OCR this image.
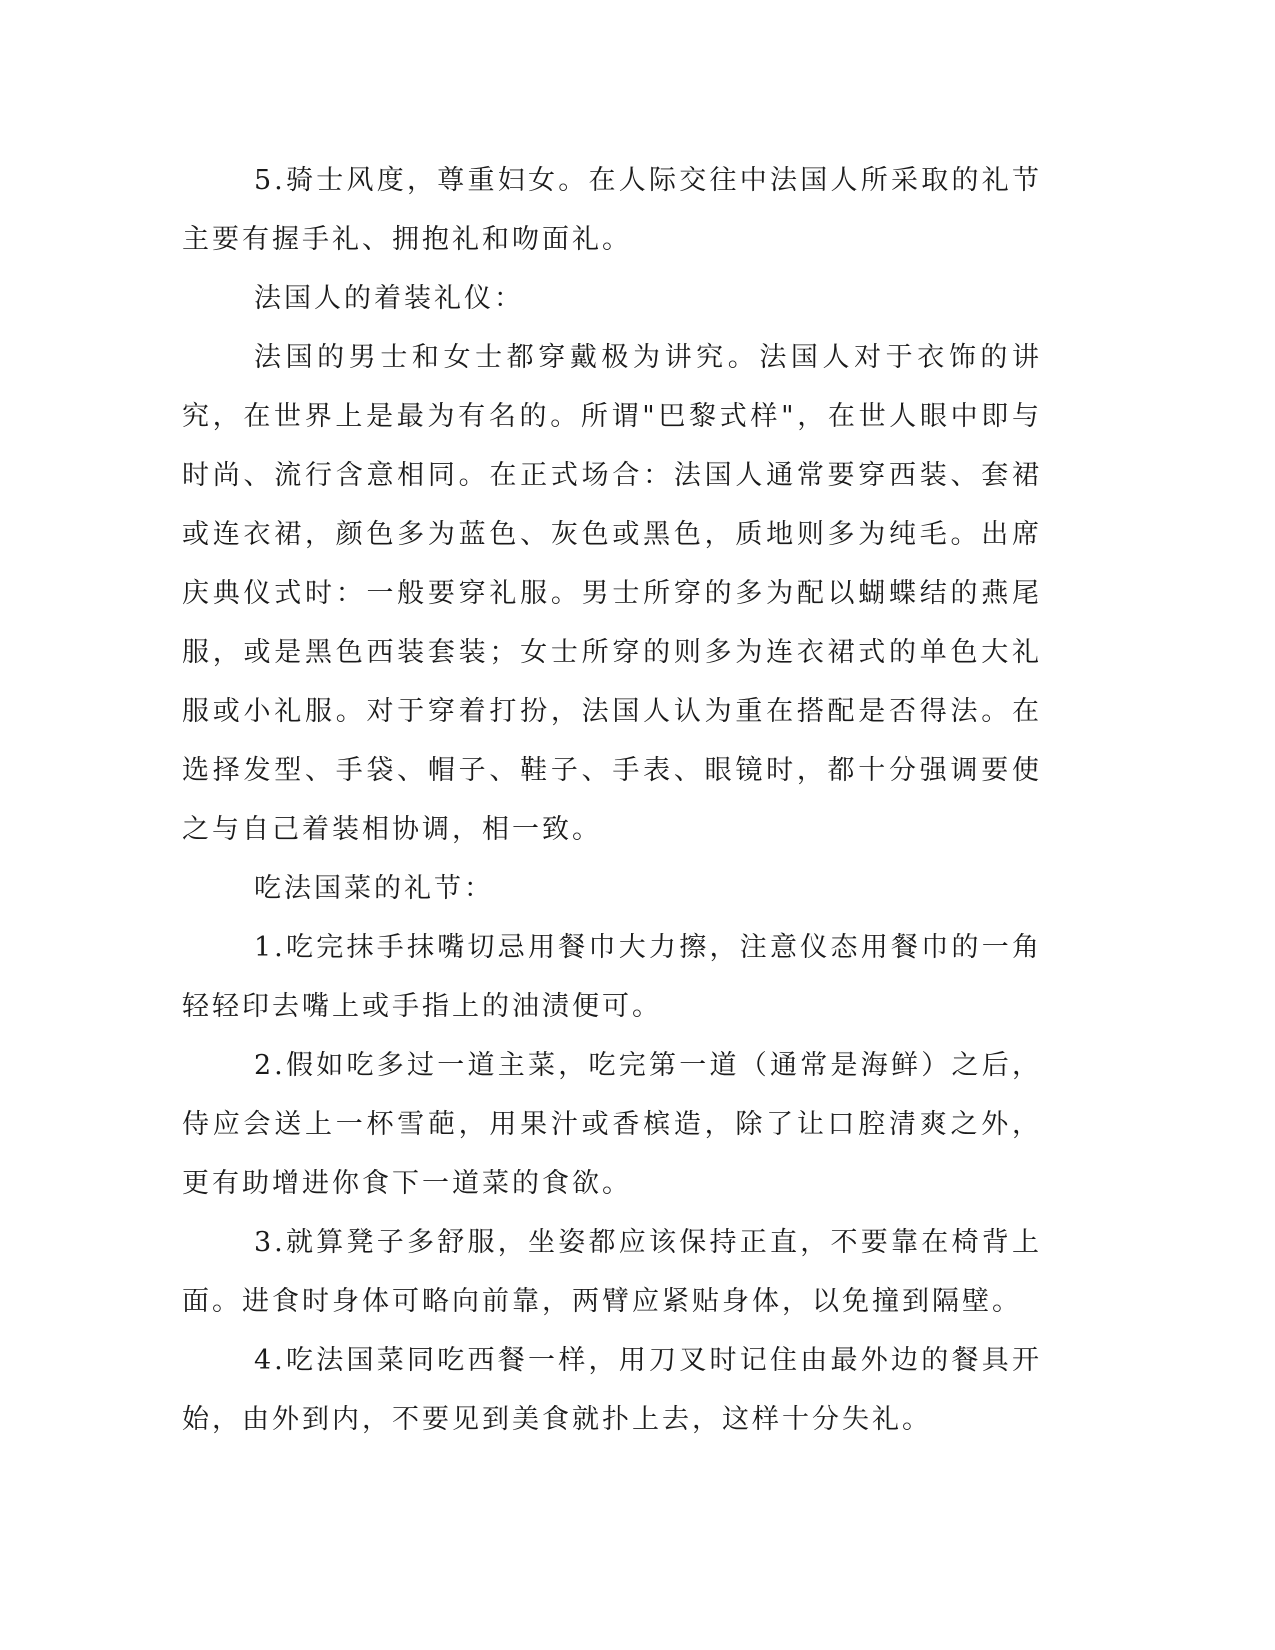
5.骑士风度，尊重妇女。在人际交往中法国人所采取的礼节主要有握手礼、拥抱礼和吻面礼。

法国人的着装礼仪：

法国的男士和女士都穿戴极为讲究。法国人对于衣饰的讲究，在世界上是最为有名的。所谓"巴黎式样"，在世人眼中即与时尚、流行含意相同。在正式场合：法国人通常要穿西装、套裙或连衣裙，颜色多为蓝色、灰色或黑色，质地则多为纯毛。出席庆典仪式时：一般要穿礼服。男士所穿的多为配以蝴蝶结的燕尾服，或是黑色西装套装；女士所穿的则多为连衣裙式的单色大礼服或小礼服。对于穿着打扮，法国人认为重在搭配是否得法。在选择发型、手袋、帽子、鞋子、手表、眼镜时，都十分强调要使之与自己着装相协调，相一致。

吃法国菜的礼节：

1.吃完抹手抹嘴切忌用餐巾大力擦，注意仪态用餐巾的一角轻轻印去嘴上或手指上的油渍便可。

2.假如吃多过一道主菜，吃完第一道（通常是海鲜）之后，侍应会送上一杯雪葩，用果汁或香槟造，除了让口腔清爽之外，更有助增进你食下一道菜的食欲。

3.就算凳子多舒服，坐姿都应该保持正直，不要靠在椅背上面。进食时身体可略向前靠，两臂应紧贴身体，以免撞到隔壁。

4.吃法国菜同吃西餐一样，用刀叉时记住由最外边的餐具开始，由外到内，不要见到美食就扑上去，这样十分失礼。
